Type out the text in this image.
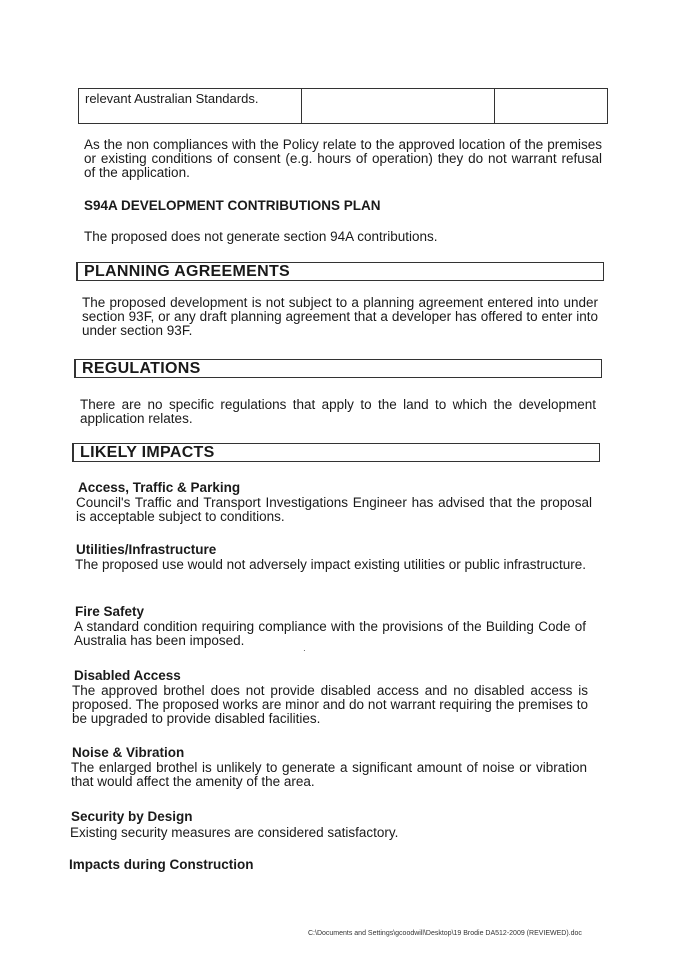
relevant Australian Standards.		
As the non compliances with the Policy relate to the approved location of the premises or existing conditions of consent (e.g. hours of operation) they do not warrant refusal of the application.
S94A DEVELOPMENT CONTRIBUTIONS PLAN
The proposed does not generate section 94A contributions.
PLANNING AGREEMENTS
The proposed development is not subject to a planning agreement entered into under section 93F, or any draft planning agreement that a developer has offered to enter into under section 93F.
REGULATIONS
There are no specific regulations that apply to the land to which the development application relates.
LIKELY IMPACTS
Access, Traffic & Parking
Council's Traffic and Transport Investigations Engineer has advised that the proposal is acceptable subject to conditions.
Utilities/Infrastructure
The proposed use would not adversely impact existing utilities or public infrastructure.
Fire Safety
A standard condition requiring compliance with the provisions of the Building Code of Australia has been imposed.
·
Disabled Access
The approved brothel does not provide disabled access and no disabled access is proposed. The proposed works are minor and do not warrant requiring the premises to be upgraded to provide disabled facilities.
Noise & Vibration
The enlarged brothel is unlikely to generate a significant amount of noise or vibration that would affect the amenity of the area.
Security by Design
Existing security measures are considered satisfactory.
Impacts during Construction
C:\Documents and Settings\gcoodwill\Desktop\19 Brodie DA512-2009 (REVIEWED).doc
